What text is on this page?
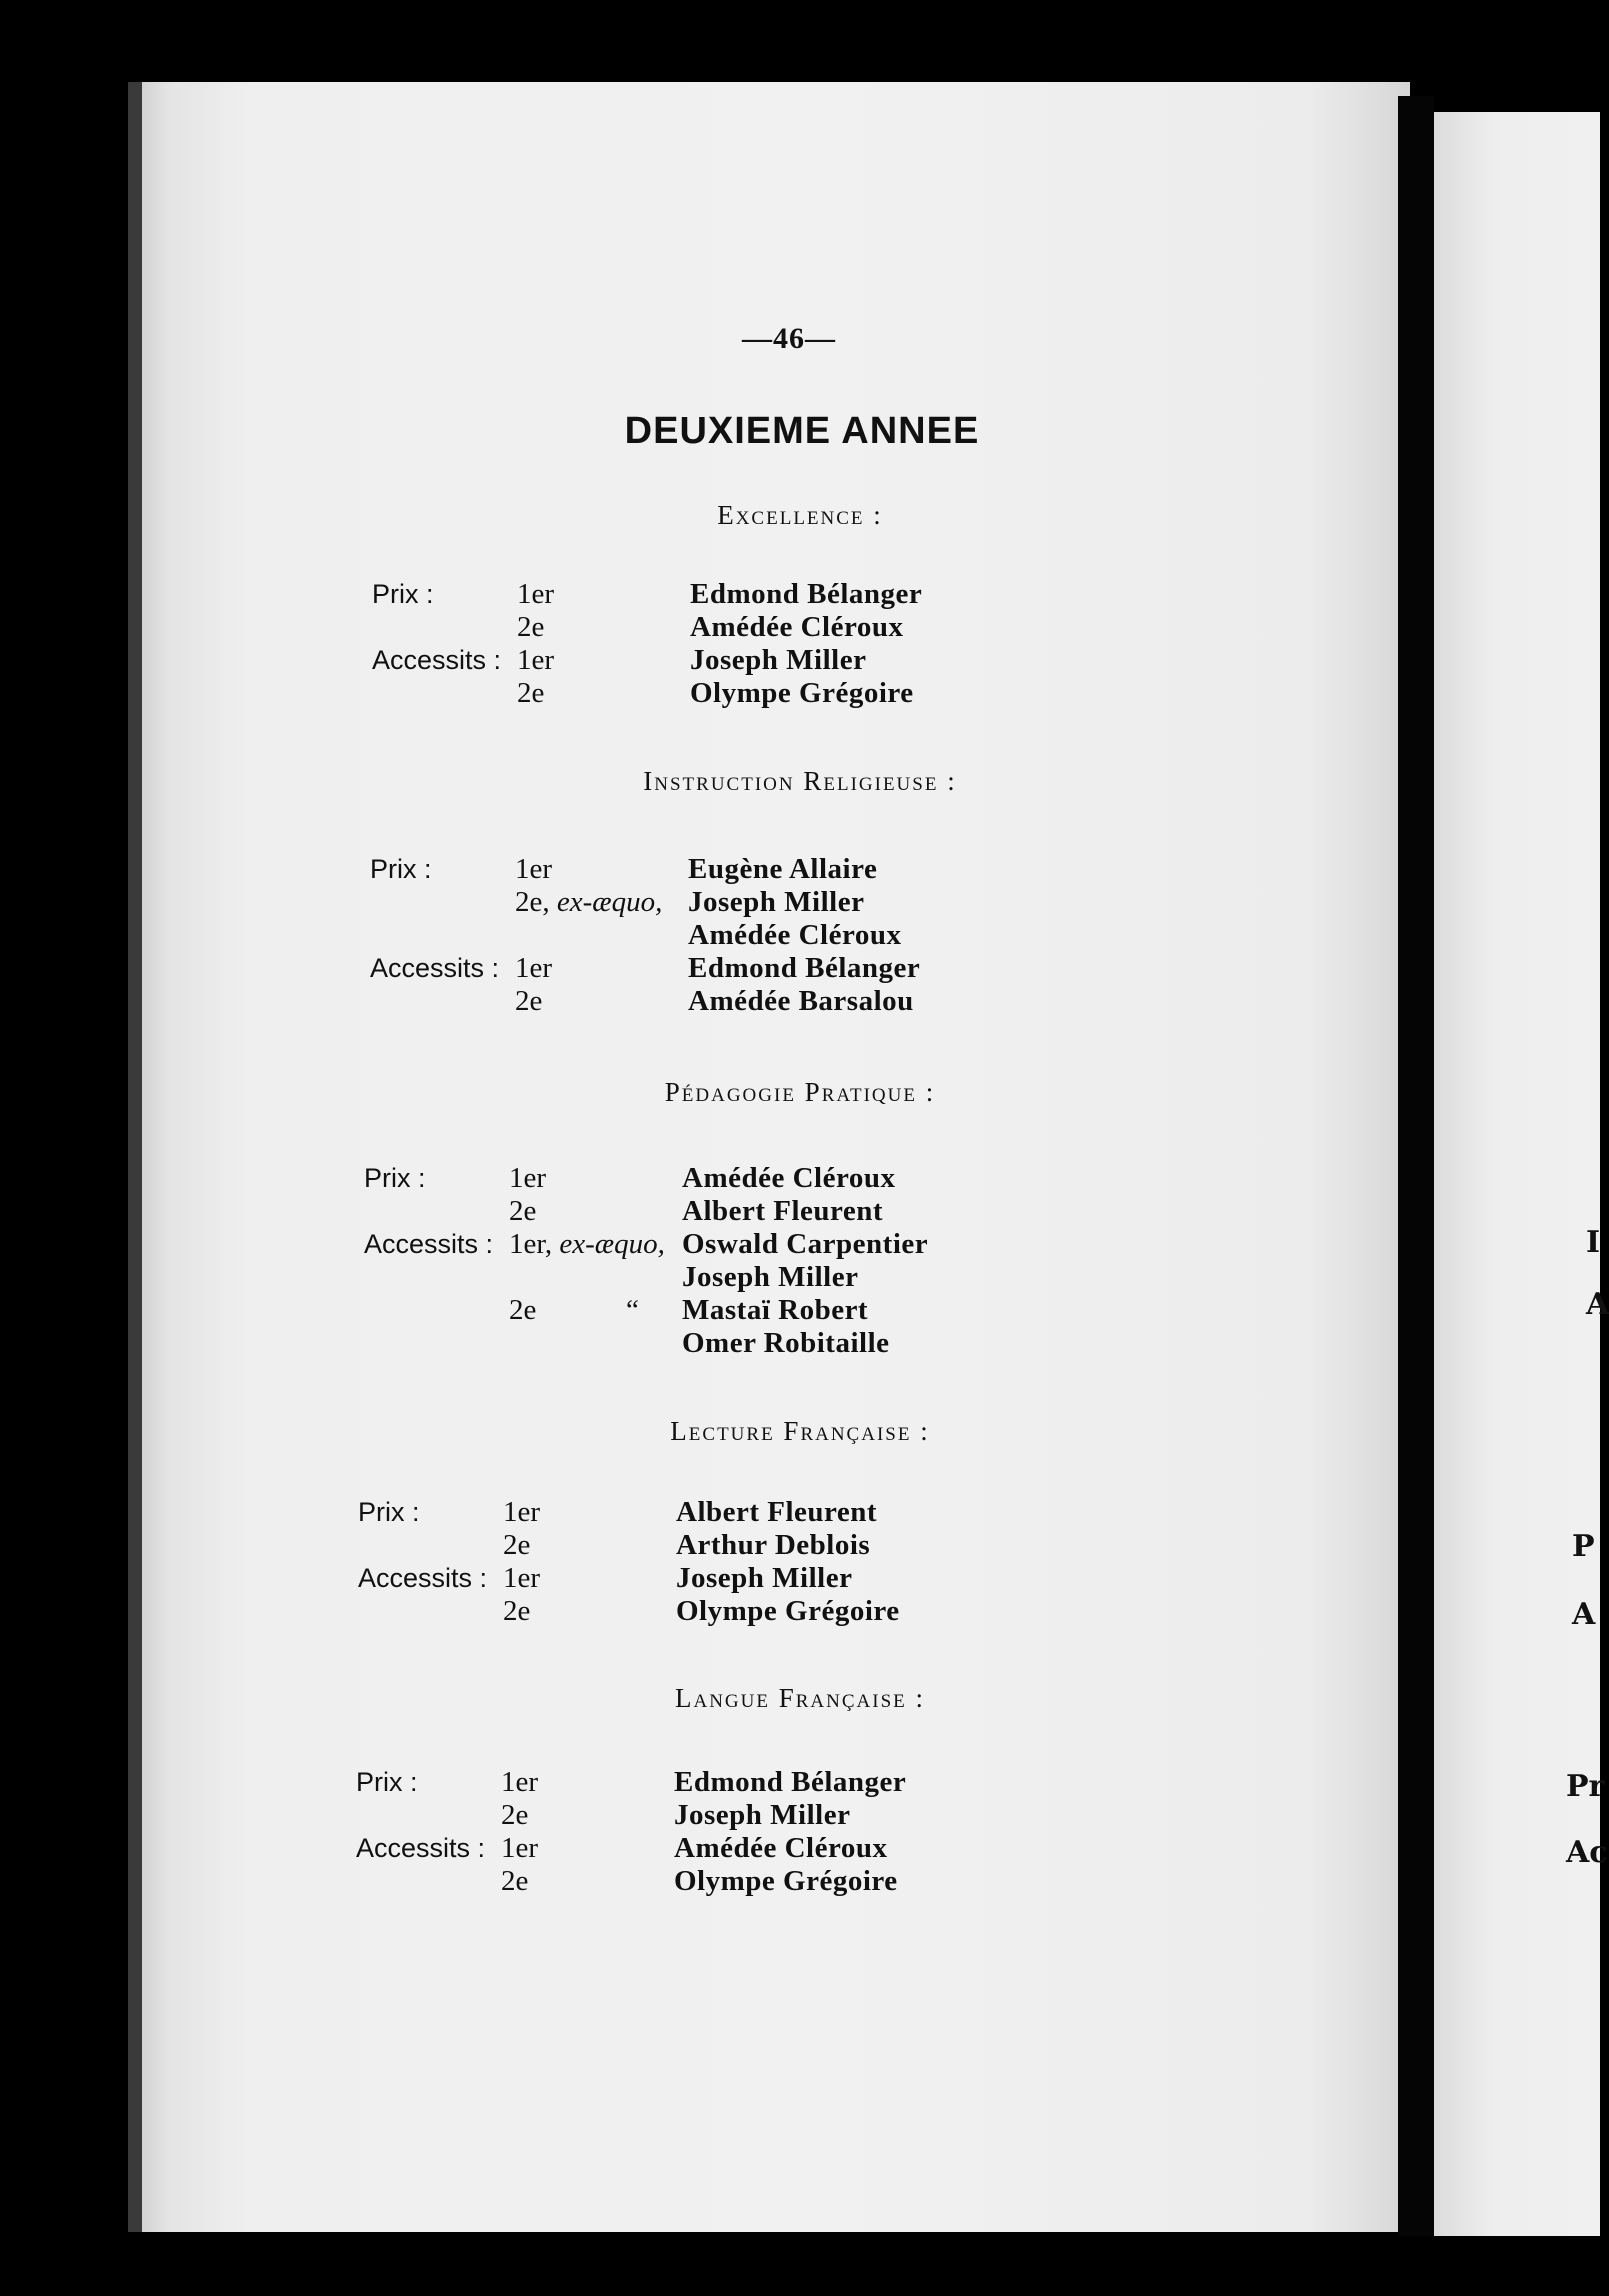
I
A
P
A
Pr
Ac
—46—
DEUXIEME ANNEE
Excellence :
Prix :	1er	Edmond Bélanger
2e	Amédée Cléroux
Accessits : 1er	Joseph Miller
2e	Olympe Grégoire
Instruction Religieuse :
Prix :	1er	Eugène Allaire
2e, ex-æquo, Joseph Miller
Amédée Cléroux
Accessits : 1er	Edmond Bélanger
2e	Amédée Barsalou
Pédagogie Pratique :
Prix :	1er	Amédée Cléroux
2e	Albert Fleurent
Accessits : 1er, ex-æquo, Oswald Carpentier
Joseph Miller
2e	“ Mastaï Robert
Omer Robitaille
Lecture Française :
Prix :	1er	Albert Fleurent
2e	Arthur Deblois
Accessits : 1er	Joseph Miller
2e	Olympe Grégoire
Langue Française :
Prix :	1er	Edmond Bélanger
2e	Joseph Miller
Accessits : 1er	Amédée Cléroux
2e	Olympe Grégoire
